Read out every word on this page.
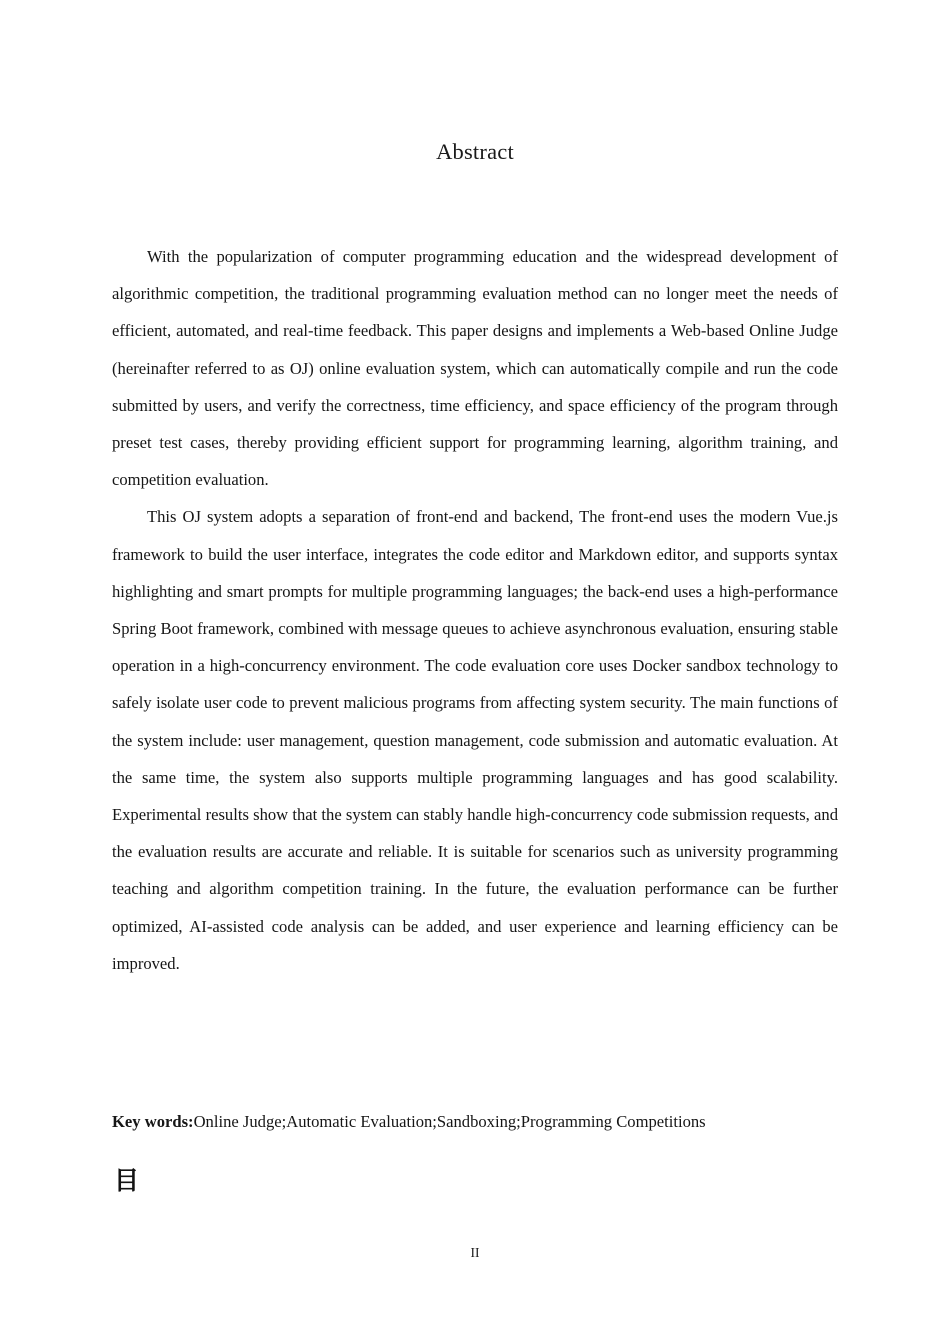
Abstract

With the popularization of computer programming education and the widespread development of algorithmic competition, the traditional programming evaluation method can no longer meet the needs of efficient, automated, and real-time feedback. This paper designs and implements a Web-based Online Judge (hereinafter referred to as OJ) online evaluation system, which can automatically compile and run the code submitted by users, and verify the correctness, time efficiency, and space efficiency of the program through preset test cases, thereby providing efficient support for programming learning, algorithm training, and competition evaluation.

This OJ system adopts a separation of front-end and backend, The front-end uses the modern Vue.js framework to build the user interface, integrates the code editor and Markdown editor, and supports syntax highlighting and smart prompts for multiple programming languages; the back-end uses a high-performance Spring Boot framework, combined with message queues to achieve asynchronous evaluation, ensuring stable operation in a high-concurrency environment. The code evaluation core uses Docker sandbox technology to safely isolate user code to prevent malicious programs from affecting system security. The main functions of the system include: user management, question management, code submission and automatic evaluation. At the same time, the system also supports multiple programming languages and has good scalability. Experimental results show that the system can stably handle high-concurrency code submission requests, and the evaluation results are accurate and reliable. It is suitable for scenarios such as university programming teaching and algorithm competition training. In the future, the evaluation performance can be further optimized, AI-assisted code analysis can be added, and user experience and learning efficiency can be improved.

Key words:Online Judge;Automatic Evaluation;Sandboxing;Programming Competitions
目
II
